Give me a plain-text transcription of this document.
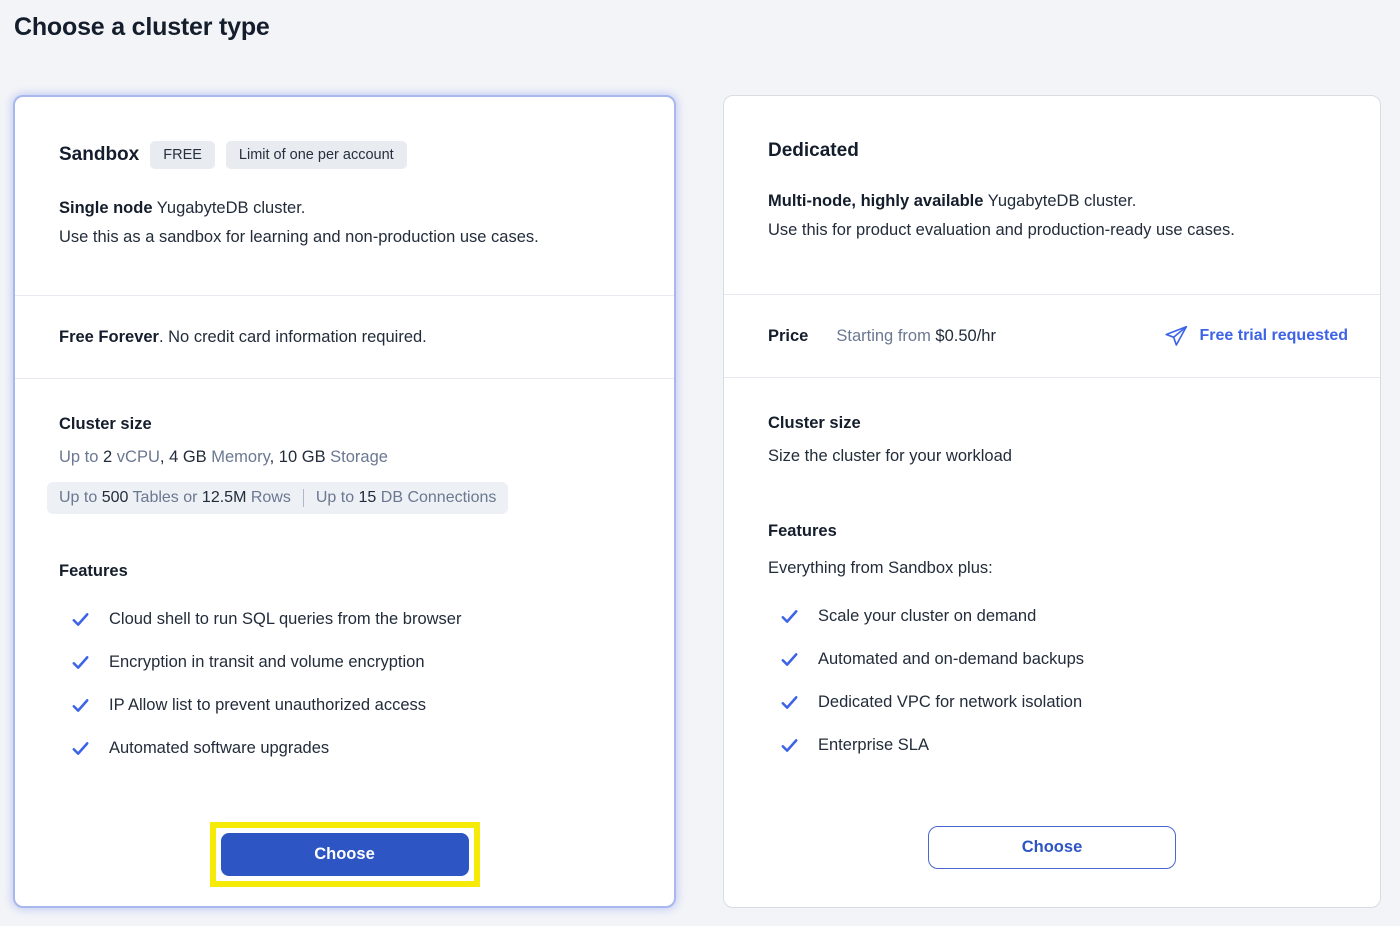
Choose a cluster type
Sandbox	FREE	Limit of one per account

Single node YugabyteDB cluster.
Use this as a sandbox for learning and non-production use cases.

Free Forever. No credit card information required.

Cluster size

Up to 2 vCPU, 4 GB Memory, 10 GB Storage

Up to 500 Tables or 12.5M Rows Up to 15 DB Connections
Features
Cloud shell to run SQL queries from the browser
Encryption in transit and volume encryption
IP Allow list to prevent unauthorized access
Automated software upgrades
Choose
Dedicated

Multi-node, highly available YugabyteDB cluster.
Use this for product evaluation and production-ready use cases.

Price Starting from $0.50/hr	Free trial requested
Cluster size

Size the cluster for your workload

Features

Everything from Sandbox plus:

Scale your cluster on demand
Automated and on-demand backups
Dedicated VPC for network isolation
Enterprise SLA
Choose
